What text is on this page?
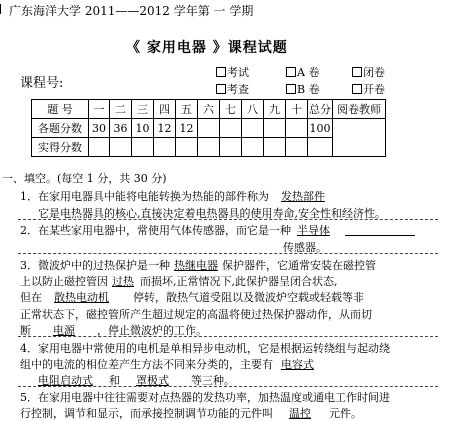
广东海洋大学 2011——2012 学年第 一 学期
《 家用电器 》课程试题
课程号:
考试
考查
A 卷
B 卷
闭卷
开卷
题 号	一	二	三	四	五	六	七	八	九	十	总分	阅卷教师
各题分数	30	36	10	12	12						100	
实得分数												
一、填空。(每空 1 分，共 30 分)
1．在家用电器具中能将电能转换为热能的部件称为 发热部件
它是电热器具的核心,直接决定着电热器具的使用寿命,安全性和经济性。
2．在某些家用电器中，常使用气体传感器，而它是一种 半导体
传感器。
3．微波炉中的过热保护是一种 热继电器 保护器件，它通常安装在磁控管
上以防止磁控管因 过热 而损坏,正常情况下,此保护器呈闭合状态,
但在 散热电动机 停转，散热气道受阻以及微波炉空载或轻载等非
正常状态下，磁控管所产生超过规定的高温将使过热保护器动作，从而切
断 电源 ，停止微波炉的工作。
4．家用电器中常使用的电机是单相异步电动机，它是根据运转绕组与起动绕
组中的电流的相位差产生方法不同来分类的，主要有 电容式
电阻启动式 和 罩极式 等三种。
5．在家用电器中往往需要对点热器的发热功率，加热温度或通电工作时间进
行控制，调节和显示，而承接控制调节功能的元件叫 温控 元件。
